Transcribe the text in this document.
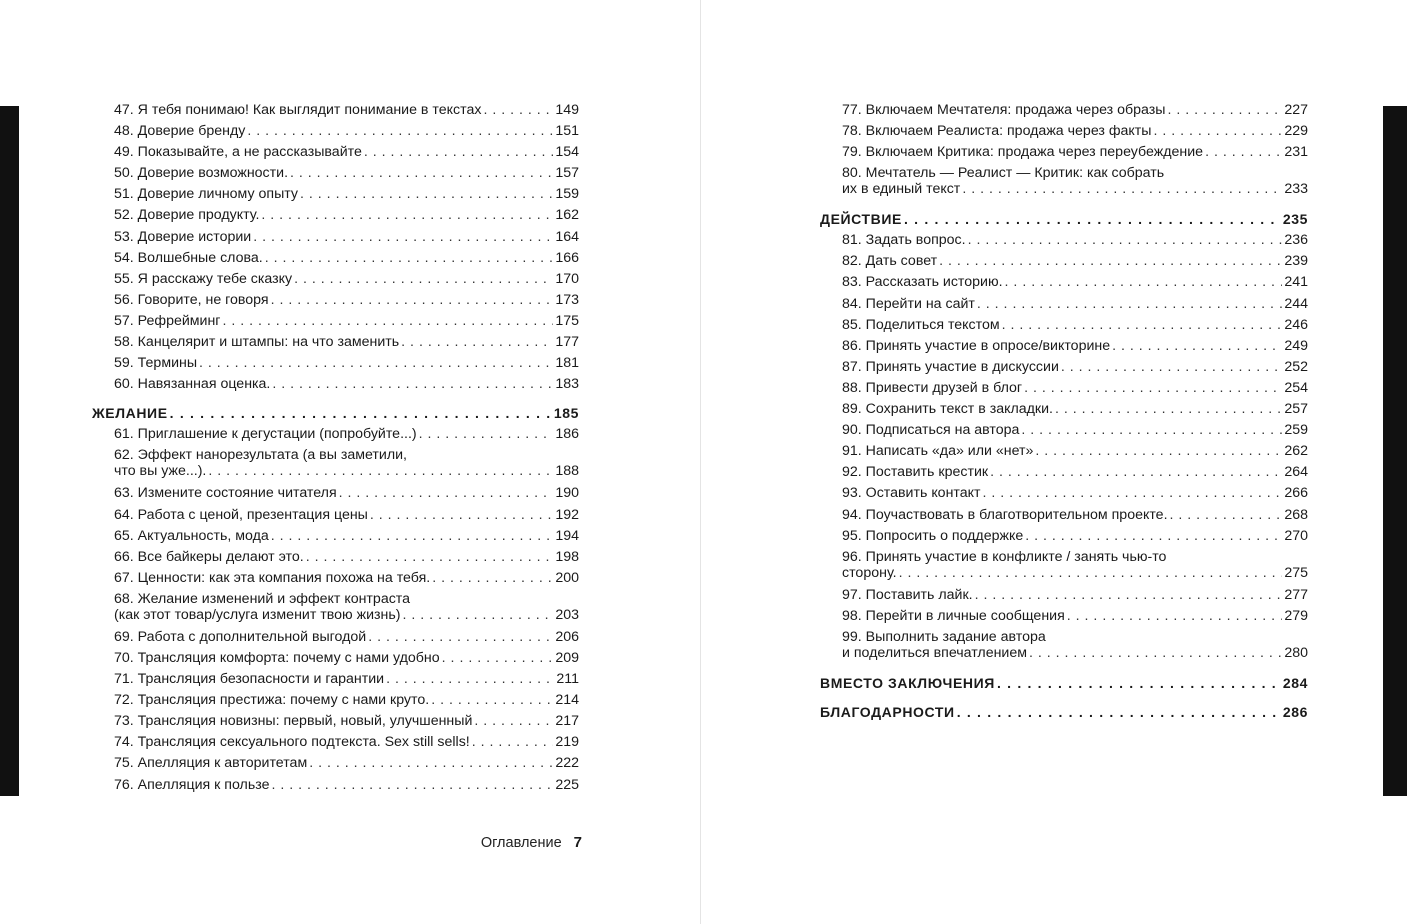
47. Я тебя понимаю! Как выглядит понимание в текстах . . .	149
48. Доверие бренду . . .	151
49. Показывайте, а не рассказывайте . . .	154
50. Доверие возможности. . . .	157
51. Доверие личному опыту . . .	159
52. Доверие продукту. . . .	162
53. Доверие истории . . .	164
54. Волшебные слова. . . .	166
55. Я расскажу тебе сказку . . .	170
56. Говорите, не говоря . . .	173
57. Рефрейминг . . .	175
58. Канцелярит и штампы: на что заменить . . .	177
59. Термины . . .	181
60. Навязанная оценка. . . .	183
ЖЕЛАНИЕ . . .	185
61. Приглашение к дегустации (попробуйте...) . . .	186
62. Эффект нанорезультата (а вы заметили,
что вы уже...). . . .	188
63. Измените состояние читателя . . .	190
64. Работа с ценой, презентация цены . . .	192
65. Актуальность, мода . . .	194
66. Все байкеры делают это. . . .	198
67. Ценности: как эта компания похожа на тебя. . . .	200
68. Желание изменений и эффект контраста
(как этот товар/услуга изменит твою жизнь) . . .	203
69. Работа с дополнительной выгодой . . .	206
70. Трансляция комфорта: почему с нами удобно . . .	209
71. Трансляция безопасности и гарантии . . .	211
72. Трансляция престижа: почему с нами круто. . . .	214
73. Трансляция новизны: первый, новый, улучшенный . . .	217
74. Трансляция сексуального подтекста. Sex still sells! . . .	219
75. Апелляция к авторитетам . . .	222
76. Апелляция к пользе . . .	225
Оглавление 7
77. Включаем Мечтателя: продажа через образы . . .	227
78. Включаем Реалиста: продажа через факты . . .	229
79. Включаем Критика: продажа через переубеждение . . .	231
80. Мечтатель — Реалист — Критик: как собрать
их в единый текст . . .	233
ДЕЙСТВИЕ . . .	235
81. Задать вопрос. . . .	236
82. Дать совет . . .	239
83. Рассказать историю. . . .	241
84. Перейти на сайт . . .	244
85. Поделиться текстом . . .	246
86. Принять участие в опросе/викторине . . .	249
87. Принять участие в дискуссии . . .	252
88. Привести друзей в блог . . .	254
89. Сохранить текст в закладки. . . .	257
90. Подписаться на автора . . .	259
91. Написать «да» или «нет» . . .	262
92. Поставить крестик . . .	264
93. Оставить контакт . . .	266
94. Поучаствовать в благотворительном проекте. . . .	268
95. Попросить о поддержке . . .	270
96. Принять участие в конфликте / занять чью-то
сторону. . . .	275
97. Поставить лайк. . . .	277
98. Перейти в личные сообщения . . .	279
99. Выполнить задание автора
и поделиться впечатлением . . .	280
ВМЕСТО ЗАКЛЮЧЕНИЯ . . .	284
БЛАГОДАРНОСТИ . . .	286
